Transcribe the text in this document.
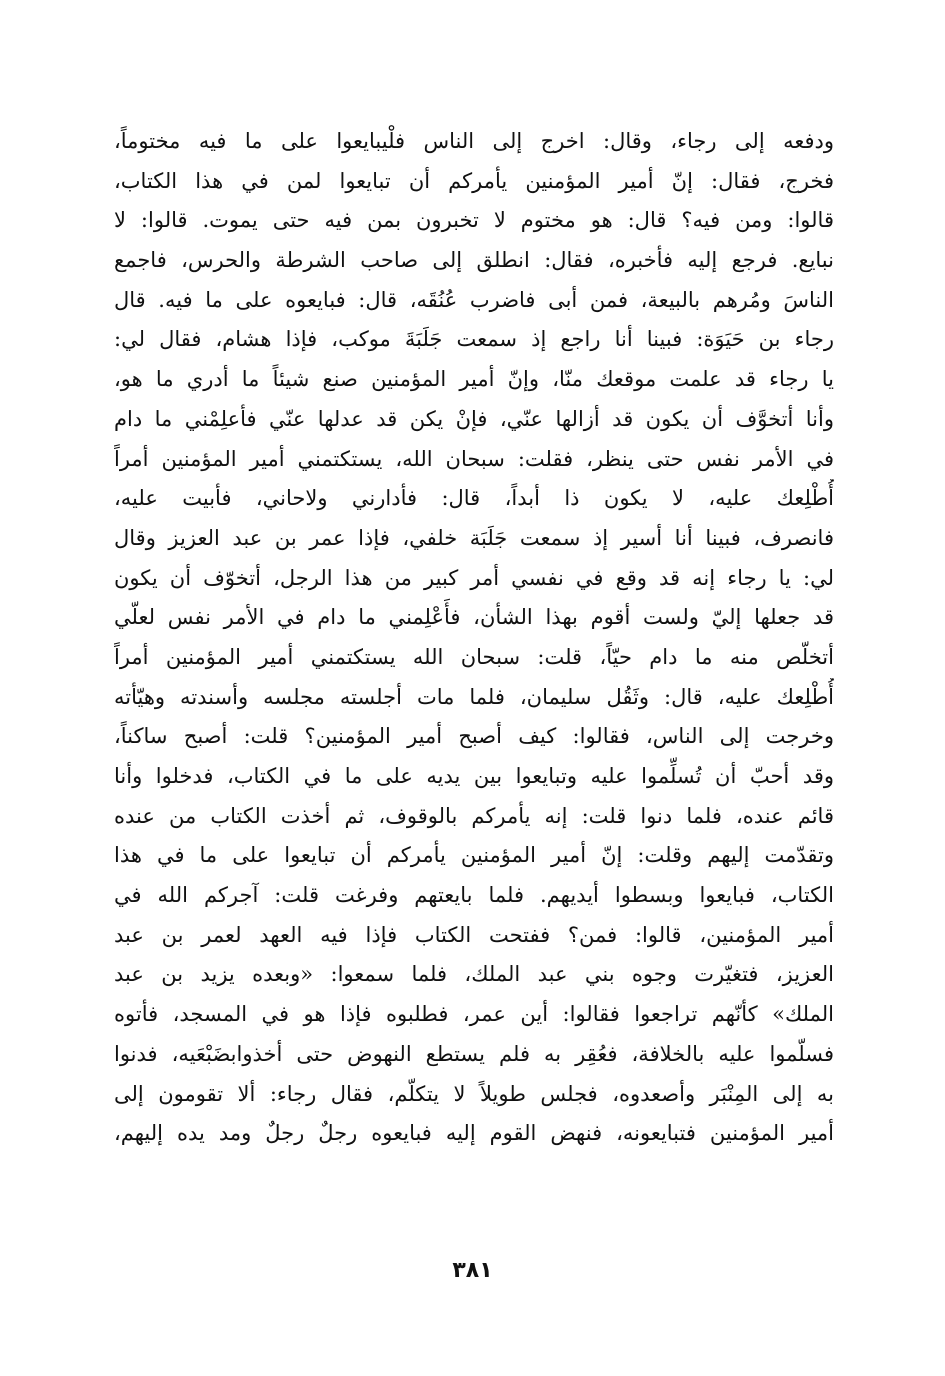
ودفعه إلى رجاء، وقال: اخرج إلى الناس فلْيبايعوا على ما فيه مختوماً،
فخرج، فقال: إنّ أمير المؤمنين يأمركم أن تبايعوا لمن في هذا الكتاب،
قالوا: ومن فيه؟ قال: هو مختوم لا تخبرون بمن فيه حتى يموت. قالوا: لا
نبايع. فرجع إليه فأخبره، فقال: انطلق إلى صاحب الشرطة والحرس، فاجمع
الناسَ ومُرهم بالبيعة، فمن أبى فاضرب عُنُقَه، قال: فبايعوه على ما فيه. قال
رجاء بن حَيَوَة: فبينا أنا راجع إذ سمعت جَلَبَةَ موكب، فإذا هشام، فقال لي:
يا رجاء قد علمت موقعك منّا، وإنّ أمير المؤمنين صنع شيئاً ما أدري ما هو،
وأنا أتخوَّف أن يكون قد أزالها عنّي، فإنْ يكن قد عدلها عنّي فأعلِمْني ما دام
في الأمر نفس حتى ينظر، فقلت: سبحان الله، يستكتمني أمير المؤمنين أمراً
أُطْلِعك عليه، لا يكون ذا أبداً، قال: فأدارني ولاحاني، فأبيت عليه،
فانصرف، فبينا أنا أسير إذ سمعت جَلَبَة خلفي، فإذا عمر بن عبد العزيز وقال
لي: يا رجاء إنه قد وقع في نفسي أمر كبير من هذا الرجل، أتخوّف أن يكون
قد جعلها إليّ ولست أقوم بهذا الشأن، فأَعْلِمني ما دام في الأمر نفس لعلّي
أتخلّص منه ما دام حيّاً، قلت: سبحان الله يستكتمني أمير المؤمنين أمراً
أُطْلِعك عليه، قال: وثَقُل سليمان، فلما مات أجلسته مجلسه وأسندته وهيّأته
وخرجت إلى الناس، فقالوا: كيف أصبح أمير المؤمنين؟ قلت: أصبح ساكناً،
وقد أحبّ أن تُسلِّموا عليه وتبايعوا بين يديه على ما في الكتاب، فدخلوا وأنا
قائم عنده، فلما دنوا قلت: إنه يأمركم بالوقوف، ثم أخذت الكتاب من عنده
وتقدّمت إليهم وقلت: إنّ أمير المؤمنين يأمركم أن تبايعوا على ما في هذا
الكتاب، فبايعوا وبسطوا أيديهم. فلما بايعتهم وفرغت قلت: آجركم الله في
أمير المؤمنين، قالوا: فمن؟ ففتحت الكتاب فإذا فيه العهد لعمر بن عبد
العزيز، فتغيّرت وجوه بني عبد الملك، فلما سمعوا: «وبعده يزيد بن عبد
الملك» كأنّهم تراجعوا فقالوا: أين عمر، فطلبوه فإذا هو في المسجد، فأتوه
فسلّموا عليه بالخلافة، فعُقِر به فلم يستطع النهوض حتى أخذوابضَبْعَيه، فدنوا
به إلى المِنْبَر وأصعدوه، فجلس طويلاً لا يتكلّم، فقال رجاء: ألا تقومون إلى
أمير المؤمنين فتبايعونه، فنهض القوم إليه فبايعوه رجلٌ رجلٌ ومد يده إليهم،
٣٨١
